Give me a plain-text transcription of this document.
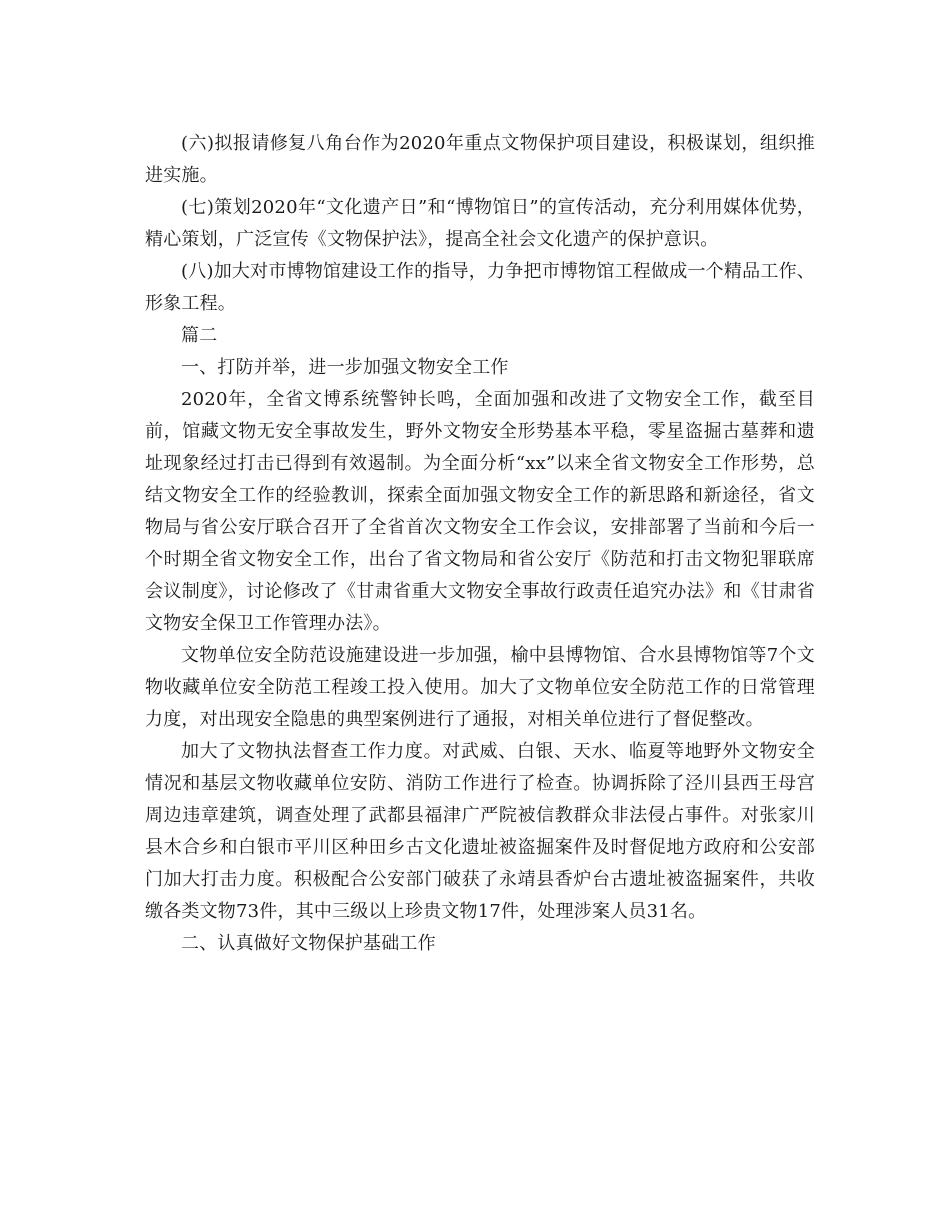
(六)拟报请修复八角台作为2020年重点文物保护项目建设，积极谋划，组织推进实施。

(七)策划2020年“文化遗产日”和“博物馆日”的宣传活动，充分利用媒体优势，精心策划，广泛宣传《文物保护法》，提高全社会文化遗产的保护意识。

(八)加大对市博物馆建设工作的指导，力争把市博物馆工程做成一个精品工作、形象工程。

篇二

一、打防并举，进一步加强文物安全工作

2020年，全省文博系统警钟长鸣，全面加强和改进了文物安全工作，截至目前，馆藏文物无安全事故发生，野外文物安全形势基本平稳，零星盗掘古墓葬和遗址现象经过打击已得到有效遏制。为全面分析“xx”以来全省文物安全工作形势，总结文物安全工作的经验教训，探索全面加强文物安全工作的新思路和新途径，省文物局与省公安厅联合召开了全省首次文物安全工作会议，安排部署了当前和今后一个时期全省文物安全工作，出台了省文物局和省公安厅《防范和打击文物犯罪联席会议制度》，讨论修改了《甘肃省重大文物安全事故行政责任追究办法》和《甘肃省文物安全保卫工作管理办法》。

文物单位安全防范设施建设进一步加强，榆中县博物馆、合水县博物馆等7个文物收藏单位安全防范工程竣工投入使用。加大了文物单位安全防范工作的日常管理力度，对出现安全隐患的典型案例进行了通报，对相关单位进行了督促整改。

加大了文物执法督查工作力度。对武威、白银、天水、临夏等地野外文物安全情况和基层文物收藏单位安防、消防工作进行了检查。协调拆除了泾川县西王母宫周边违章建筑，调查处理了武都县福津广严院被信教群众非法侵占事件。对张家川县木合乡和白银市平川区种田乡古文化遗址被盗掘案件及时督促地方政府和公安部门加大打击力度。积极配合公安部门破获了永靖县香炉台古遗址被盗掘案件，共收缴各类文物73件，其中三级以上珍贵文物17件，处理涉案人员31名。

二、认真做好文物保护基础工作
